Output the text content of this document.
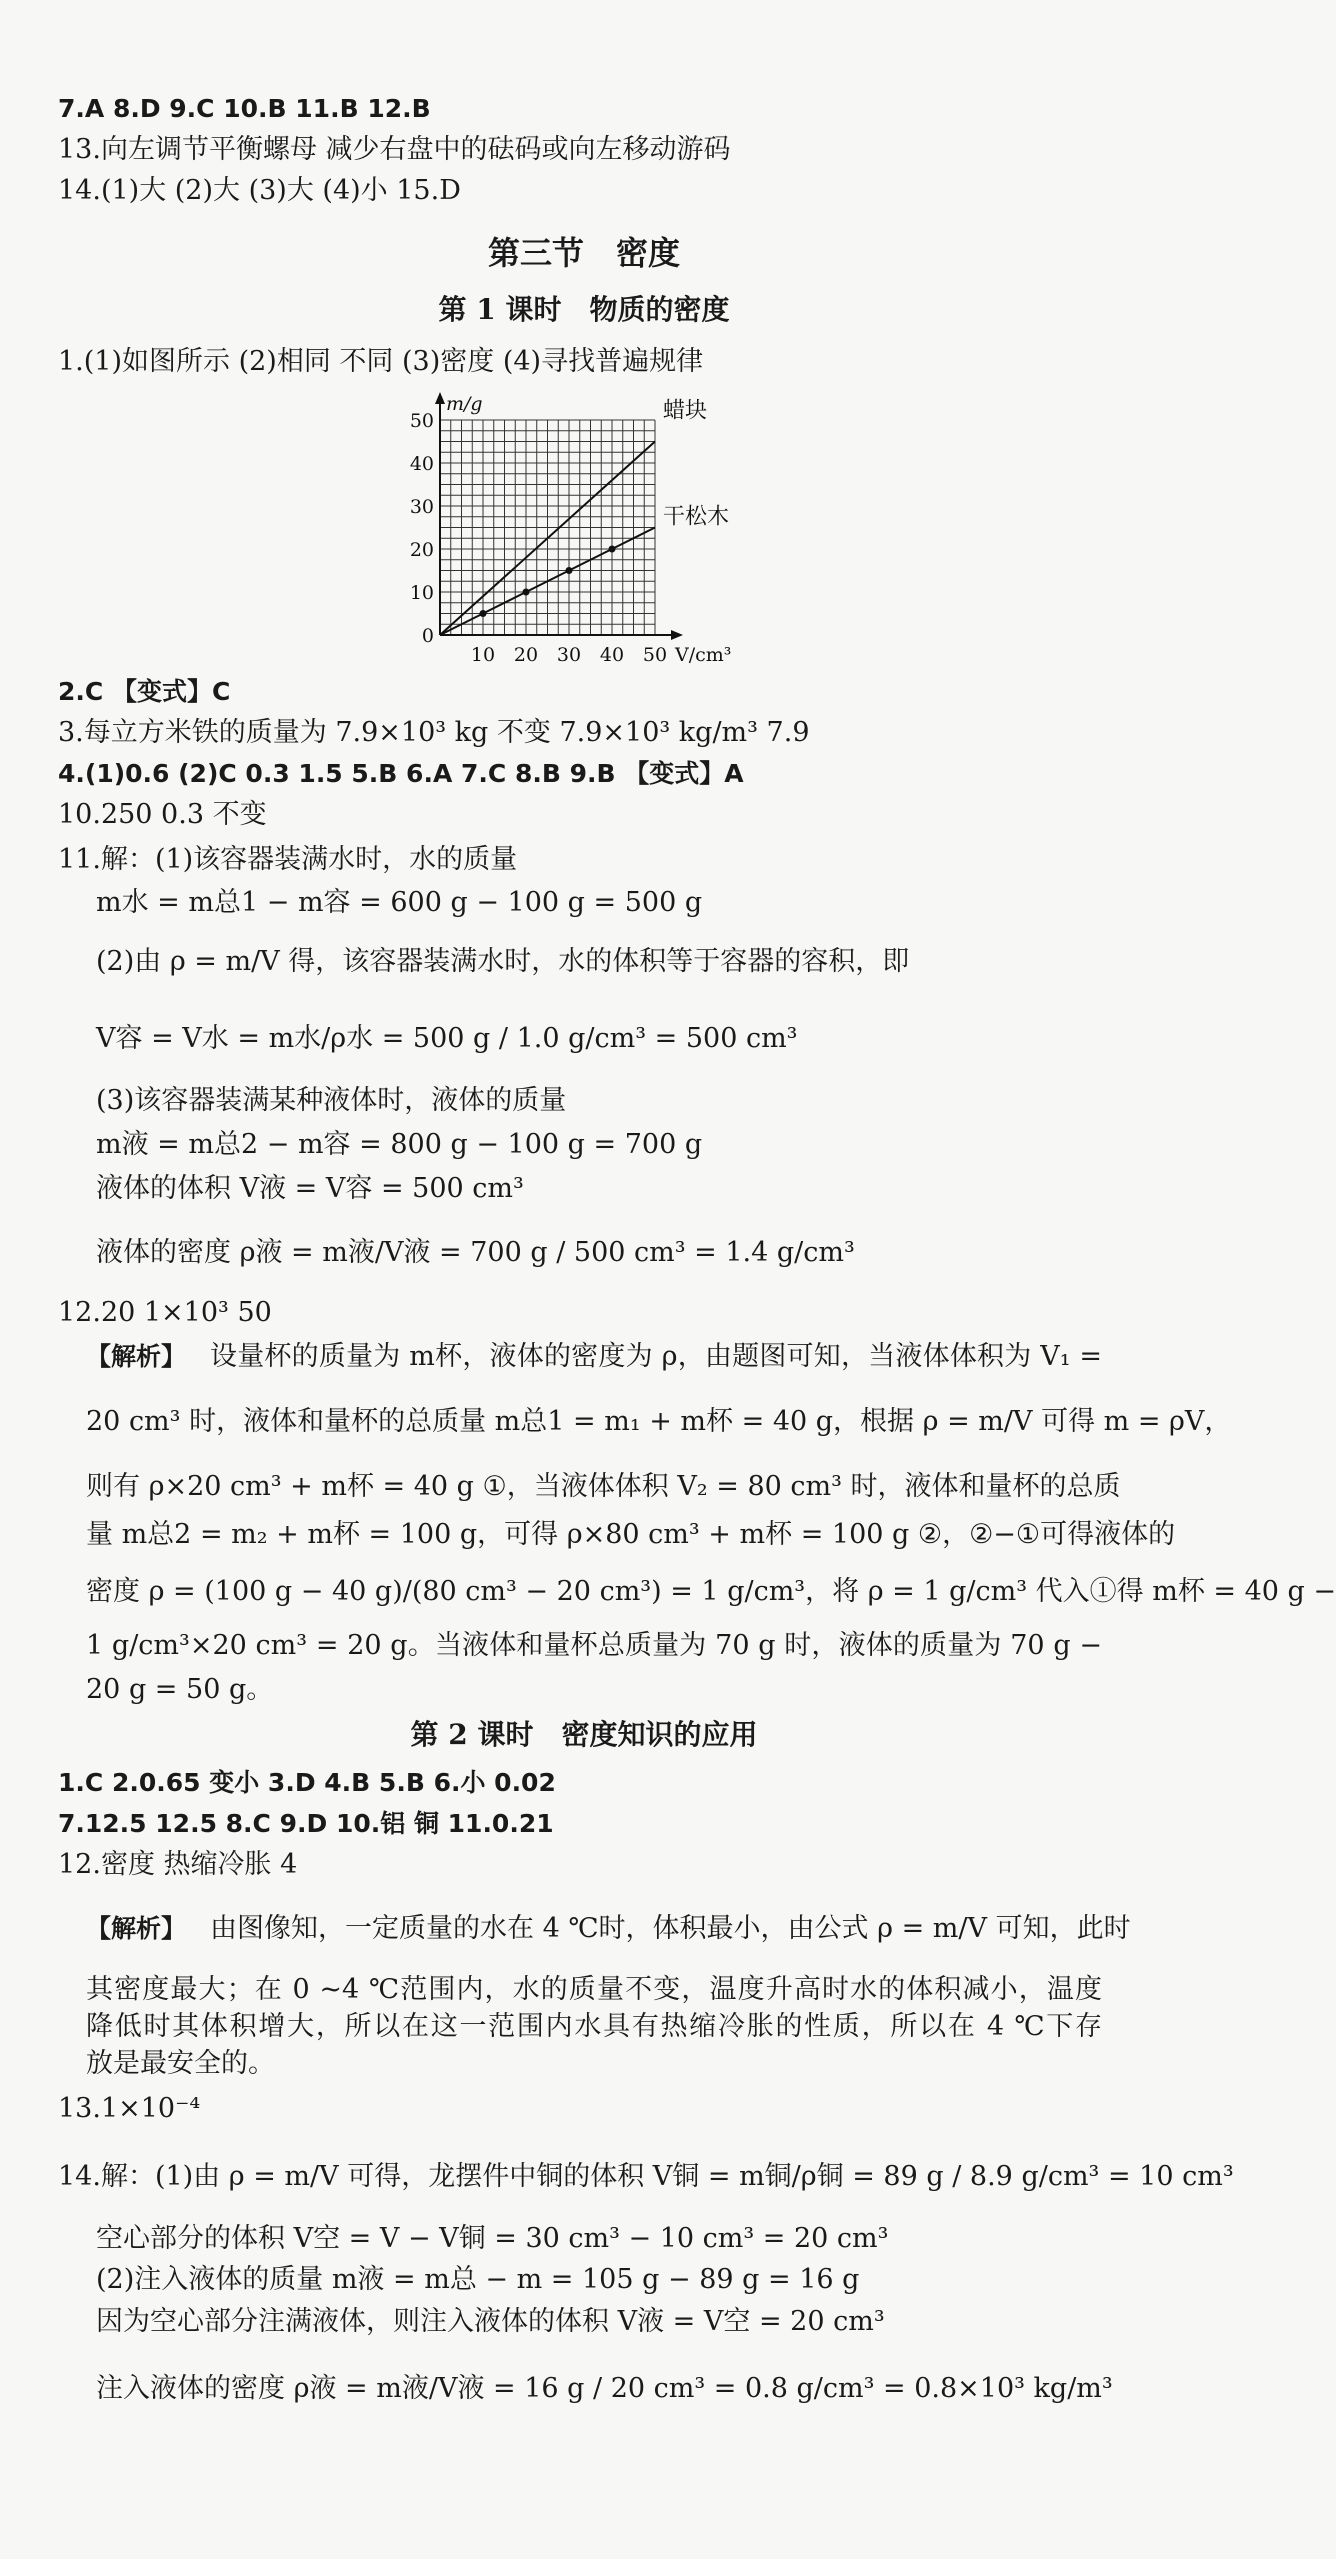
7.A 8.D 9.C 10.B 11.B 12.B
13.向左调节平衡螺母 减少右盘中的砝码或向左移动游码
14.(1)大 (2)大 (3)大 (4)小 15.D
第三节　密度
第 1 课时　物质的密度
1.(1)如图所示 (2)相同 不同 (3)密度 (4)寻找普遍规律
0
10
20
30
40
50
10 20 30 40 50
m/g
V/cm³
蜡块
干松木
2.C 【变式】C
3.每立方米铁的质量为 7.9×10³ kg 不变 7.9×10³ kg/m³ 7.9
4.(1)0.6 (2)C 0.3 1.5 5.B 6.A 7.C 8.B 9.B 【变式】A
10.250 0.3 不变
11.解：(1)该容器装满水时，水的质量
m水 = m总1 − m容 = 600 g − 100 g = 500 g
(2)由 ρ = m/V 得，该容器装满水时，水的体积等于容器的容积，即
V容 = V水 = m水/ρ水 = 500 g / 1.0 g/cm³ = 500 cm³
(3)该容器装满某种液体时，液体的质量
m液 = m总2 − m容 = 800 g − 100 g = 700 g
液体的体积 V液 = V容 = 500 cm³
液体的密度 ρ液 = m液/V液 = 700 g / 500 cm³ = 1.4 g/cm³
12.20 1×10³ 50
【解析】 设量杯的质量为 m杯，液体的密度为 ρ，由题图可知，当液体体积为 V₁ =
20 cm³ 时，液体和量杯的总质量 m总1 = m₁ + m杯 = 40 g，根据 ρ = m/V 可得 m = ρV，
则有 ρ×20 cm³ + m杯 = 40 g ①，当液体体积 V₂ = 80 cm³ 时，液体和量杯的总质
量 m总2 = m₂ + m杯 = 100 g，可得 ρ×80 cm³ + m杯 = 100 g ②，②−①可得液体的
密度 ρ = (100 g − 40 g)/(80 cm³ − 20 cm³) = 1 g/cm³，将 ρ = 1 g/cm³ 代入①得 m杯 = 40 g −
1 g/cm³×20 cm³ = 20 g。当液体和量杯总质量为 70 g 时，液体的质量为 70 g −
20 g = 50 g。
第 2 课时　密度知识的应用
1.C 2.0.65 变小 3.D 4.B 5.B 6.小 0.02
7.12.5 12.5 8.C 9.D 10.铝 铜 11.0.21
12.密度 热缩冷胀 4
【解析】 由图像知，一定质量的水在 4 ℃时，体积最小，由公式 ρ = m/V 可知，此时
其密度最大；在 0 ~4 ℃范围内，水的质量不变，温度升高时水的体积减小，温度
降低时其体积增大，所以在这一范围内水具有热缩冷胀的性质，所以在 4 ℃下存
放是最安全的。
13.1×10⁻⁴
14.解：(1)由 ρ = m/V 可得，龙摆件中铜的体积 V铜 = m铜/ρ铜 = 89 g / 8.9 g/cm³ = 10 cm³
空心部分的体积 V空 = V − V铜 = 30 cm³ − 10 cm³ = 20 cm³
(2)注入液体的质量 m液 = m总 − m = 105 g − 89 g = 16 g
因为空心部分注满液体，则注入液体的体积 V液 = V空 = 20 cm³
注入液体的密度 ρ液 = m液/V液 = 16 g / 20 cm³ = 0.8 g/cm³ = 0.8×10³ kg/m³
